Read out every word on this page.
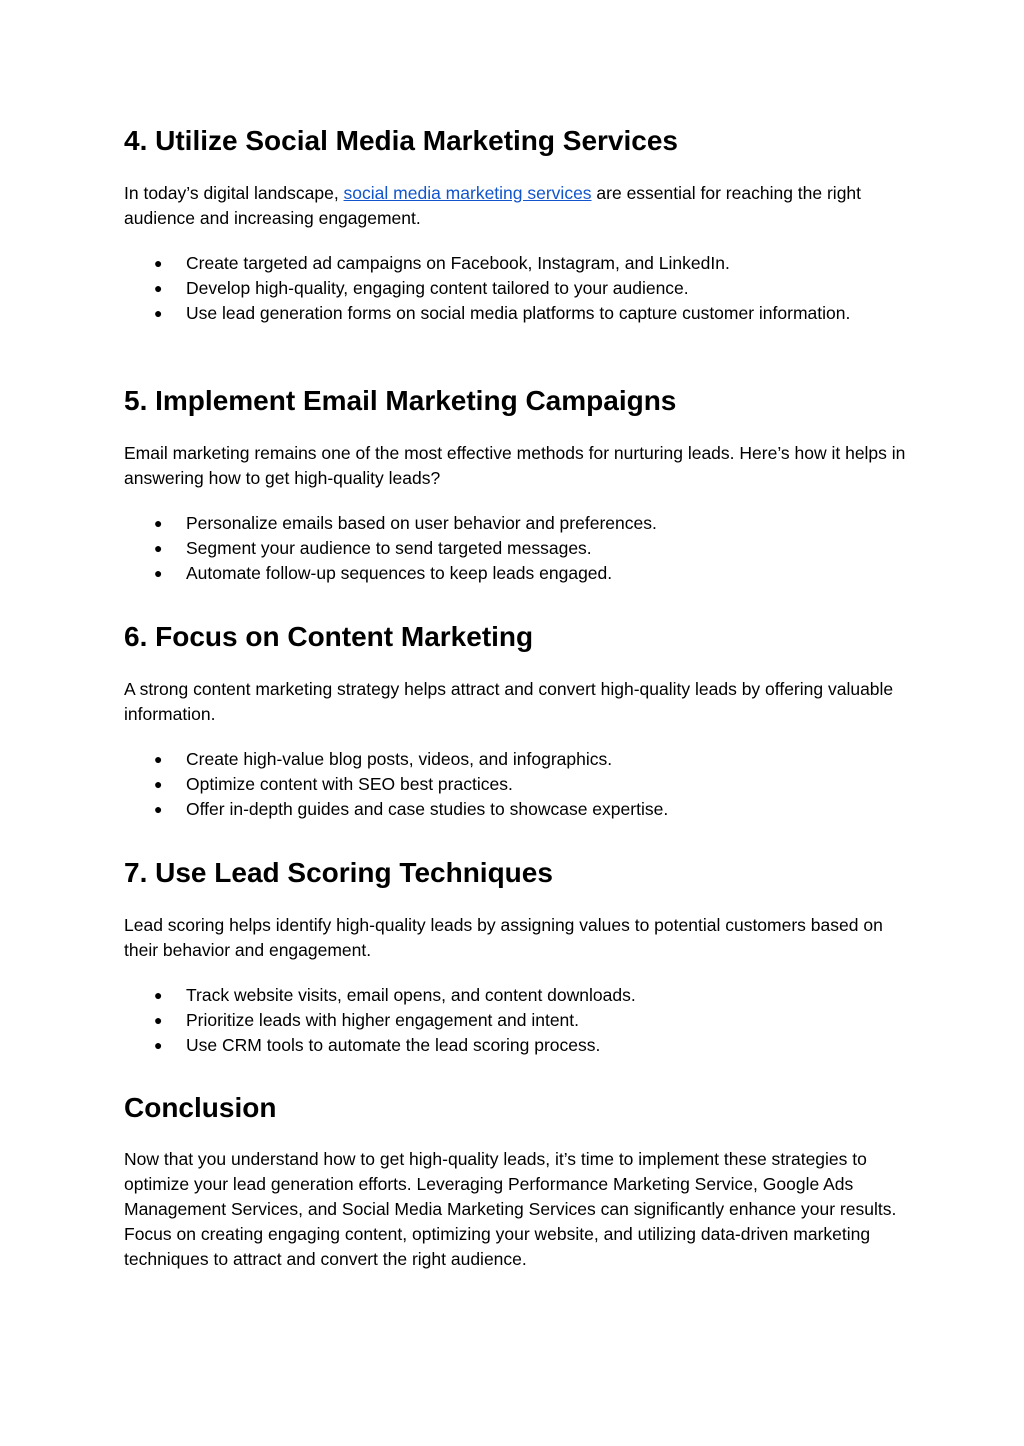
4. Utilize Social Media Marketing Services

In today’s digital landscape, social media marketing services are essential for reaching the right audience and increasing engagement.

● Create targeted ad campaigns on Facebook, Instagram, and LinkedIn.
● Develop high-quality, engaging content tailored to your audience.
● Use lead generation forms on social media platforms to capture customer information.
5. Implement Email Marketing Campaigns

Email marketing remains one of the most effective methods for nurturing leads. Here’s how it helps in answering how to get high-quality leads?

● Personalize emails based on user behavior and preferences.
● Segment your audience to send targeted messages.
● Automate follow-up sequences to keep leads engaged.
6. Focus on Content Marketing

A strong content marketing strategy helps attract and convert high-quality leads by offering valuable information.

● Create high-value blog posts, videos, and infographics.
● Optimize content with SEO best practices.
● Offer in-depth guides and case studies to showcase expertise.
7. Use Lead Scoring Techniques

Lead scoring helps identify high-quality leads by assigning values to potential customers based on their behavior and engagement.

● Track website visits, email opens, and content downloads.
● Prioritize leads with higher engagement and intent.
● Use CRM tools to automate the lead scoring process.
Conclusion

Now that you understand how to get high-quality leads, it’s time to implement these strategies to optimize your lead generation efforts. Leveraging Performance Marketing Service, Google Ads Management Services, and Social Media Marketing Services can significantly enhance your results. Focus on creating engaging content, optimizing your website, and utilizing data-driven marketing techniques to attract and convert the right audience.
